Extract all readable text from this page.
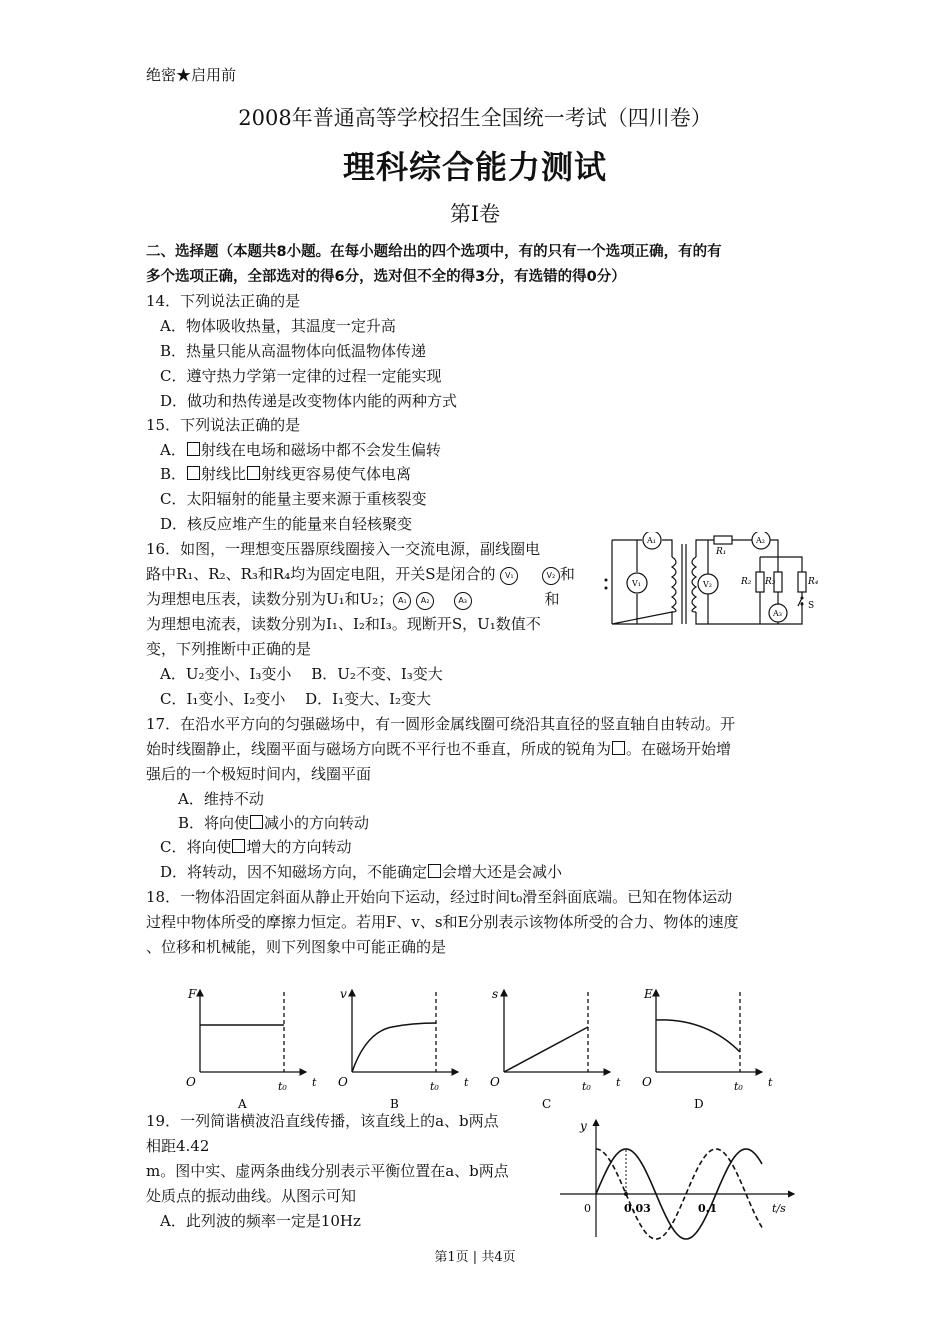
绝密★启用前
2008年普通高等学校招生全国统一考试（四川卷）
理科综合能力测试
第I卷
二、选择题（本题共8小题。在每小题给出的四个选项中，有的只有一个选项正确，有的有
多个选项正确，全部选对的得6分，选对但不全的得3分，有选错的得0分）
14．下列说法正确的是
A．物体吸收热量，其温度一定升高
B．热量只能从高温物体向低温物体传递
C．遵守热力学第一定律的过程一定能实现
D．做功和热传递是改变物体内能的两种方式
15．下列说法正确的是
A． 射线在电场和磁场中都不会发生偏转
B． 射线比 射线更容易使气体电离
C．太阳辐射的能量主要来源于重核裂变
D．核反应堆产生的能量来自轻核聚变
16．如图，一理想变压器原线圈接入一交流电源，副线圈电
路中R₁、R₂、R₃和R₄均为固定电阻，开关S是闭合的 V₁	V₂ 和
为理想电压表，读数分别为U₁和U₂； A₁ A₂	A₃	和
为理想电流表，读数分别为I₁、I₂和I₃。现断开S，U₁数值不
变，下列推断中正确的是
A．U₂变小、I₃变小　 B．U₂不变、I₃变大
C．I₁变小、I₂变小　 D．I₁变大、I₂变大
A₁
V₁	V₂
A₂
A₃
R₁
R₂ R₃	R₄
S
17．在沿水平方向的匀强磁场中，有一圆形金属线圈可绕沿其直径的竖直轴自由转动。开
始时线圈静止，线圈平面与磁场方向既不平行也不垂直，所成的锐角为 。在磁场开始增
强后的一个极短时间内，线圈平面
A．维持不动
B．将向使 减小的方向转动
C．将向使 增大的方向转动
D．将转动，因不知磁场方向，不能确定 会增大还是会减小
18．一物体沿固定斜面从静止开始向下运动，经过时间t₀滑至斜面底端。已知在物体运动
过程中物体所受的摩擦力恒定。若用F、v、s和E分别表示该物体所受的合力、物体的速度
、位移和机械能，则下列图象中可能正确的是
F
O	t₀ t
A
v
O	t₀ t
B
s
O	t₀ t
C
E
O	t₀ t
D
19．一列简谐横波沿直线传播，该直线上的a、b两点
相距4.42
m。图中实、虚两条曲线分别表示平衡位置在a、b两点
处质点的振动曲线。从图示可知
A．此列波的频率一定是10Hz
y
0	0.03	0.1	t/s
第1页 | 共4页
